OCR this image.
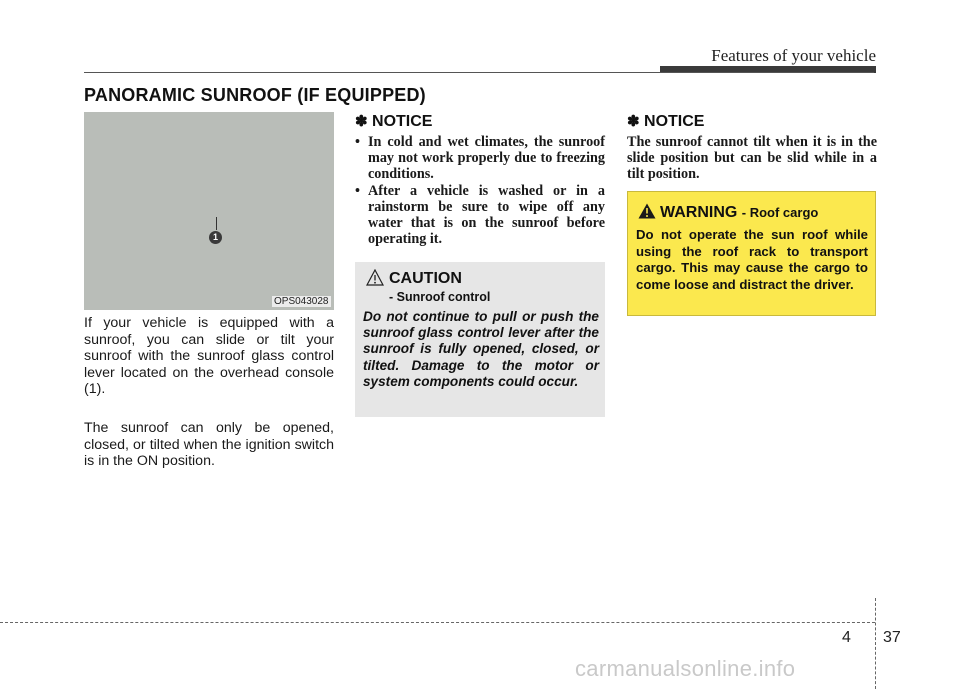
Features of your vehicle
PANORAMIC SUNROOF (IF EQUIPPED)
1
OPS043028
If your vehicle is equipped with a sunroof, you can slide or tilt your sunroof with the sunroof glass control lever located on the overhead console (1).
The sunroof can only be opened, closed, or tilted when the ignition switch is in the ON position.
✽ NOTICE
• In cold and wet climates, the sunroof may not work properly due to freezing conditions.
• After a vehicle is washed or in a rainstorm be sure to wipe off any water that is on the sunroof before operating it.
CAUTION
- Sunroof control
Do not continue to pull or push the sunroof glass control lever after the sunroof is fully opened, closed, or tilted. Damage to the motor or system components could occur.
✽ NOTICE
The sunroof cannot tilt when it is in the slide position but can be slid while in a tilt position.
WARNING - Roof cargo
Do not operate the sun roof while using the roof rack to transport cargo. This may cause the cargo to come loose and distract the driver.
4 37
carmanualsonline.info
